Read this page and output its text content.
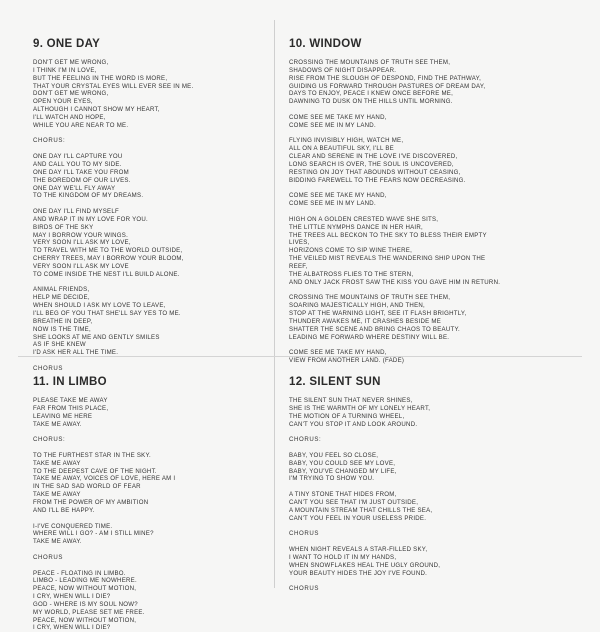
9. ONE DAY
DON'T GET ME WRONG,
I THINK I'M IN LOVE,
BUT THE FEELING IN THE WORD IS MORE,
THAT YOUR CRYSTAL EYES WILL EVER SEE IN ME.
DON'T GET ME WRONG,
OPEN YOUR EYES,
ALTHOUGH I CANNOT SHOW MY HEART,
I'LL WATCH AND HOPE,
WHILE YOU ARE NEAR TO ME.
CHORUS:
ONE DAY I'LL CAPTURE YOU
AND CALL YOU TO MY SIDE.
ONE DAY I'LL TAKE YOU FROM
THE BOREDOM OF OUR LIVES.
ONE DAY WE'LL FLY AWAY
TO THE KINGDOM OF MY DREAMS.
ONE DAY I'LL FIND MYSELF
AND WRAP IT IN MY LOVE FOR YOU.
BIRDS OF THE SKY
MAY I BORROW YOUR WINGS.
VERY SOON I'LL ASK MY LOVE,
TO TRAVEL WITH ME TO THE WORLD OUTSIDE,
CHERRY TREES, MAY I BORROW YOUR BLOOM,
VERY SOON I'LL ASK MY LOVE
TO COME INSIDE THE NEST I'LL BUILD ALONE.
ANIMAL FRIENDS,
HELP ME DECIDE,
WHEN SHOULD I ASK MY LOVE TO LEAVE,
I'LL BEG OF YOU THAT SHE'LL SAY YES TO ME.
BREATHE IN DEEP,
NOW IS THE TIME,
SHE LOOKS AT ME AND GENTLY SMILES
AS IF SHE KNEW
I'D ASK HER ALL THE TIME.
CHORUS
10. WINDOW
CROSSING THE MOUNTAINS OF TRUTH SEE THEM,
SHADOWS OF NIGHT DISAPPEAR.
RISE FROM THE SLOUGH OF DESPOND, FIND THE PATHWAY,
GUIDING US FORWARD THROUGH PASTURES OF DREAM DAY,
DAYS TO ENJOY, PEACE I KNEW ONCE BEFORE ME,
DAWNING TO DUSK ON THE HILLS UNTIL MORNING.
COME SEE ME TAKE MY HAND,
COME SEE ME IN MY LAND.
FLYING INVISIBLY HIGH, WATCH ME,
ALL ON A BEAUTIFUL SKY, I'LL BE
CLEAR AND SERENE IN THE LOVE I'VE DISCOVERED,
LONG SEARCH IS OVER, THE SOUL IS UNCOVERED,
RESTING ON JOY THAT ABOUNDS WITHOUT CEASING,
BIDDING FAREWELL TO THE FEARS NOW DECREASING.
COME SEE ME TAKE MY HAND,
COME SEE ME IN MY LAND.
HIGH ON A GOLDEN CRESTED WAVE SHE SITS,
THE LITTLE NYMPHS DANCE IN HER HAIR,
THE TREES ALL BECKON TO THE SKY TO BLESS THEIR EMPTY
LIVES,
HORIZONS COME TO SIP WINE THERE,
THE VEILED MIST REVEALS THE WANDERING SHIP UPON THE
REEF,
THE ALBATROSS FLIES TO THE STERN,
AND ONLY JACK FROST SAW THE KISS YOU GAVE HIM IN RETURN.
CROSSING THE MOUNTAINS OF TRUTH SEE THEM,
SOARING MAJESTICALLY HIGH, AND THEN,
STOP AT THE WARNING LIGHT, SEE IT FLASH BRIGHTLY,
THUNDER AWAKES ME, IT CRASHES BESIDE ME
SHATTER THE SCENE AND BRING CHAOS TO BEAUTY.
LEADING ME FORWARD WHERE DESTINY WILL BE.
COME SEE ME TAKE MY HAND,
VIEW FROM ANOTHER LAND. (FADE)
11. IN LIMBO
PLEASE TAKE ME AWAY
FAR FROM THIS PLACE,
LEAVING ME HERE
TAKE ME AWAY.
CHORUS:
TO THE FURTHEST STAR IN THE SKY.
TAKE ME AWAY
TO THE DEEPEST CAVE OF THE NIGHT.
TAKE ME AWAY, VOICES OF LOVE, HERE AM I
IN THE SAD SAD WORLD OF FEAR
TAKE ME AWAY
FROM THE POWER OF MY AMBITION
AND I'LL BE HAPPY.
I-I'VE CONQUERED TIME.
WHERE WILL I GO? - AM I STILL MINE?
TAKE ME AWAY.
CHORUS
PEACE - FLOATING IN LIMBO.
LIMBO - LEADING ME NOWHERE.
PEACE, NOW WITHOUT MOTION,
I CRY, WHEN WILL I DIE?
GOD - WHERE IS MY SOUL NOW?
MY WORLD, PLEASE SET ME FREE.
PEACE, NOW WITHOUT MOTION,
I CRY, WHEN WILL I DIE?
12. SILENT SUN
THE SILENT SUN THAT NEVER SHINES,
SHE IS THE WARMTH OF MY LONELY HEART,
THE MOTION OF A TURNING WHEEL,
CAN'T YOU STOP IT AND LOOK AROUND.
CHORUS:
BABY, YOU FEEL SO CLOSE,
BABY, YOU COULD SEE MY LOVE,
BABY, YOU'VE CHANGED MY LIFE,
I'M TRYING TO SHOW YOU.
A TINY STONE THAT HIDES FROM,
CAN'T YOU SEE THAT I'M JUST OUTSIDE,
A MOUNTAIN STREAM THAT CHILLS THE SEA,
CAN'T YOU FEEL IN YOUR USELESS PRIDE.
CHORUS
WHEN NIGHT REVEALS A STAR-FILLED SKY,
I WANT TO HOLD IT IN MY HANDS,
WHEN SNOWFLAKES HEAL THE UGLY GROUND,
YOUR BEAUTY HIDES THE JOY I'VE FOUND.
CHORUS
